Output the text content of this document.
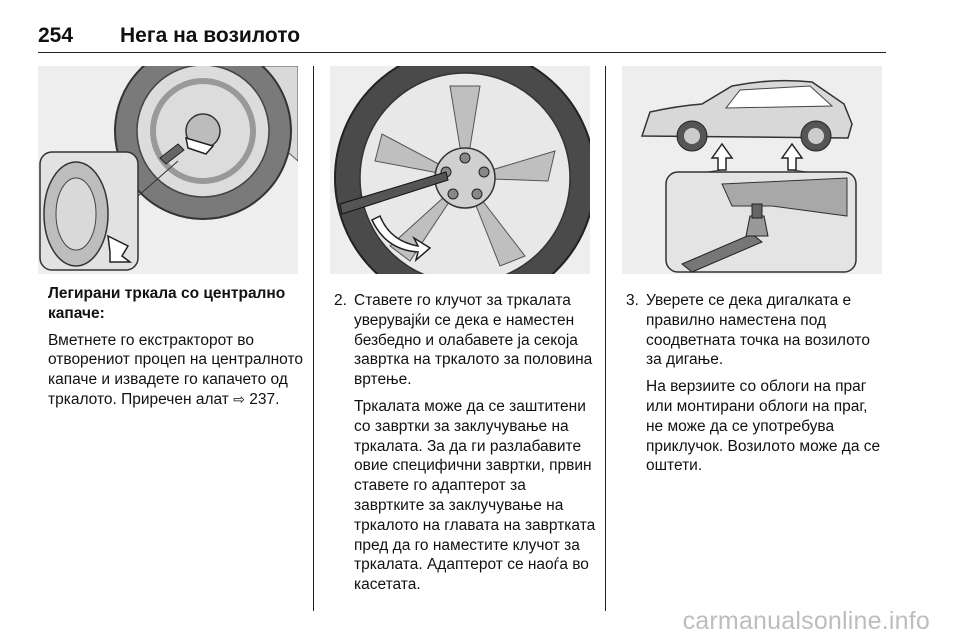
254 Нега на возилото
Легирани тркала со централно капаче:

Вметнете го екстракторот во отворениот процеп на централното капаче и извадете го капачето од тркалото. Приречен алат ⇨ 237.

2. Ставете го клучот за тркалата уверувајќи се дека е наместен безбедно и олабавете ја секоја завртка на тркалото за половина вртење.

Тркалата може да се заштитени со завртки за заклучување на тркалата. За да ги разлабавите овие специфични завртки, првин ставете го адаптерот за завртките за заклучување на тркалото на главата на завртката пред да го наместите клучот за тркалата. Адаптерот се наоѓа во касетата.

3. Уверете се дека дигалката е правилно наместена под соодветната точка на возилото за дигање.

На верзиите со облоги на праг или монтирани облоги на праг, не може да се употребува приклучок. Возилото може да се оштети.

carmanualsonline.info
